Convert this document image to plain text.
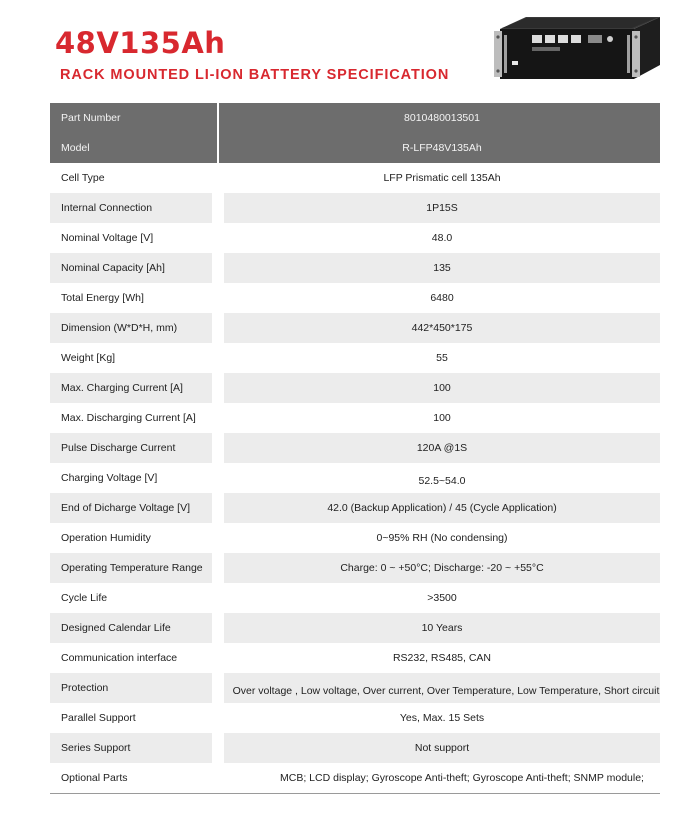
48V135Ah
RACK MOUNTED LI-ION BATTERY SPECIFICATION
Part Number	8010480013501
Model	R-LFP48V135Ah
Cell Type	LFP Prismatic cell 135Ah
Internal Connection	1P15S
Nominal Voltage [V]	48.0
Nominal Capacity [Ah]	135
Total Energy [Wh]	6480
Dimension (W*D*H, mm)	442*450*175
Weight [Kg]	55
Max. Charging Current [A]	100
Max. Discharging Current [A]	100
Pulse Discharge Current	120A @1S
Charging Voltage [V]	52.5~54.0
End of Dicharge Voltage [V]	42.0 (Backup Application) / 45 (Cycle Application)
Operation Humidity	0~95% RH (No condensing)
Operating Temperature Range	Charge: 0 ~ +50°C; Discharge: -20 ~ +55°C
Cycle Life	>3500
Designed Calendar Life	10 Years
Communication interface	RS232, RS485, CAN
Protection	Over voltage , Low voltage, Over current, Over Temperature, Low Temperature, Short circuit
Parallel Support	Yes, Max. 15 Sets
Series Support	Not support
Optional Parts	MCB; LCD display; Gyroscope Anti-theft; Gyroscope Anti-theft; SNMP module;
